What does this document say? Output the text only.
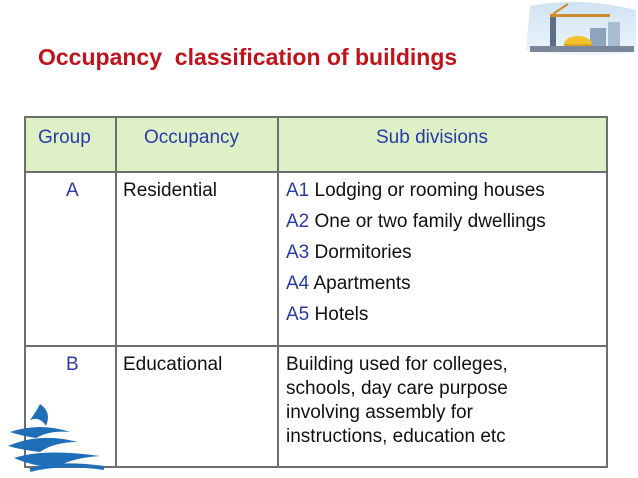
Occupancy  classification of buildings
Group	Occupancy	Sub divisions
A Residential	A1 Lodging or rooming houses
A2 One or two family dwellings
A3 Dormitories
A4 Apartments
A5 Hotels
B Educational	Building used for colleges,
schools, day care purpose
involving assembly for
instructions, education etc
